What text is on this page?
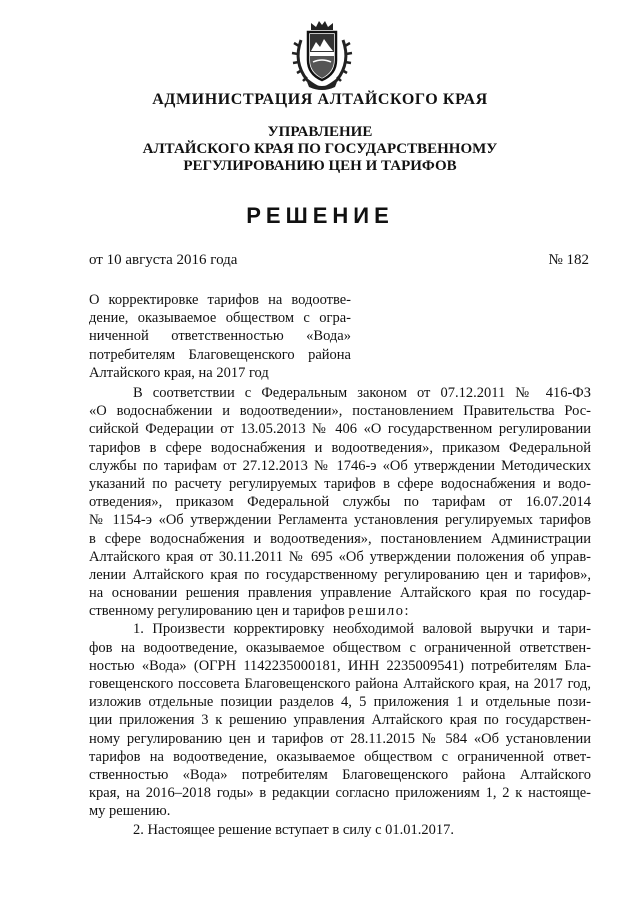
АДМИНИСТРАЦИЯ АЛТАЙСКОГО КРАЯ
УПРАВЛЕНИЕ
АЛТАЙСКОГО КРАЯ ПО ГОСУДАРСТВЕННОМУ
РЕГУЛИРОВАНИЮ ЦЕН И ТАРИФОВ
РЕШЕНИЕ
от 10 августа 2016 года	№ 182
О корректировке тарифов на водоотве-
дение, оказываемое обществом с огра-
ниченной ответственностью «Вода»
потребителям Благовещенского района
Алтайского края, на 2017 год
В соответствии с Федеральным законом от 07.12.2011 № 416-ФЗ
«О водоснабжении и водоотведении», постановлением Правительства Рос-
сийской Федерации от 13.05.2013 № 406 «О государственном регулировании
тарифов в сфере водоснабжения и водоотведения», приказом Федеральной
службы по тарифам от 27.12.2013 № 1746-э «Об утверждении Методических
указаний по расчету регулируемых тарифов в сфере водоснабжения и водо-
отведения», приказом Федеральной службы по тарифам от 16.07.2014
№ 1154-э «Об утверждении Регламента установления регулируемых тарифов
в сфере водоснабжения и водоотведения», постановлением Администрации
Алтайского края от 30.11.2011 № 695 «Об утверждении положения об управ-
лении Алтайского края по государственному регулированию цен и тарифов»,
на основании решения правления управление Алтайского края по государ-
ственному регулированию цен и тарифов решило:
1. Произвести корректировку необходимой валовой выручки и тари-
фов на водоотведение, оказываемое обществом с ограниченной ответствен-
ностью «Вода» (ОГРН 1142235000181, ИНН 2235009541) потребителям Бла-
говещенского поссовета Благовещенского района Алтайского края, на 2017 год,
изложив отдельные позиции разделов 4, 5 приложения 1 и отдельные пози-
ции приложения 3 к решению управления Алтайского края по государствен-
ному регулированию цен и тарифов от 28.11.2015 № 584 «Об установлении
тарифов на водоотведение, оказываемое обществом с ограниченной ответ-
ственностью «Вода» потребителям Благовещенского района Алтайского
края, на 2016–2018 годы» в редакции согласно приложениям 1, 2 к настояще-
му решению.
2. Настоящее решение вступает в силу с 01.01.2017.
